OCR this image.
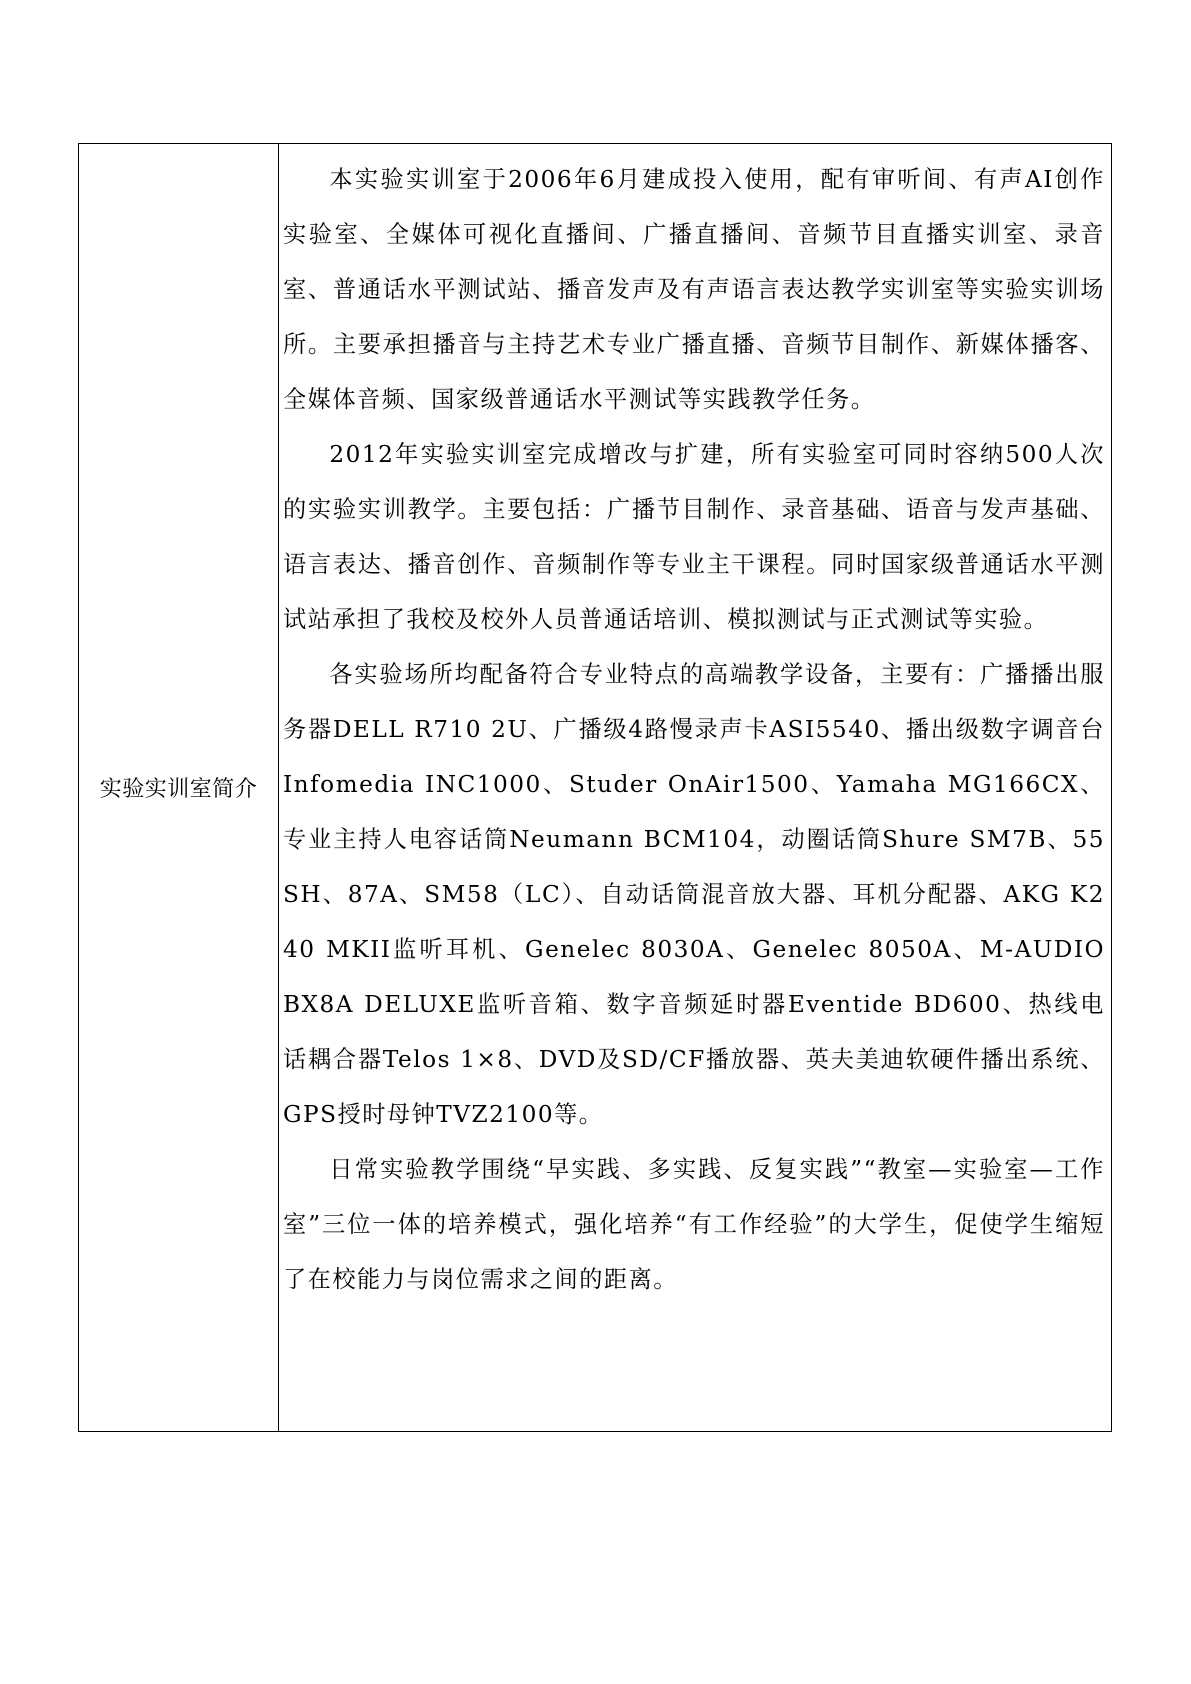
实验实训室简介

本实验实训室于2006年6月建成投入使用，配有审听间、有声AI创作实验室、全媒体可视化直播间、广播直播间、音频节目直播实训室、录音室、普通话水平测试站、播音发声及有声语言表达教学实训室等实验实训场所。主要承担播音与主持艺术专业广播直播、音频节目制作、新媒体播客、全媒体音频、国家级普通话水平测试等实践教学任务。

2012年实验实训室完成增改与扩建，所有实验室可同时容纳500人次的实验实训教学。主要包括：广播节目制作、录音基础、语音与发声基础、语言表达、播音创作、音频制作等专业主干课程。同时国家级普通话水平测试站承担了我校及校外人员普通话培训、模拟测试与正式测试等实验。

各实验场所均配备符合专业特点的高端教学设备，主要有：广播播出服务器DELL R710 2U、广播级4路慢录声卡ASI5540、播出级数字调音台Infomedia INC1000、Studer OnAir1500、Yamaha MG166CX、专业主持人电容话筒Neumann BCM104，动圈话筒Shure SM7B、55SH、87A、SM58（LC）、自动话筒混音放大器、耳机分配器、AKG K240 MKII监听耳机、Genelec 8030A、Genelec 8050A、M-AUDIO BX8A DELUXE监听音箱、数字音频延时器Eventide BD600、热线电话耦合器Telos 1×8、DVD及SD/CF播放器、英夫美迪软硬件播出系统、GPS授时母钟TVZ2100等。

日常实验教学围绕“早实践、多实践、反复实践”“教室—实验室—工作室”三位一体的培养模式，强化培养“有工作经验”的大学生，促使学生缩短了在校能力与岗位需求之间的距离。
